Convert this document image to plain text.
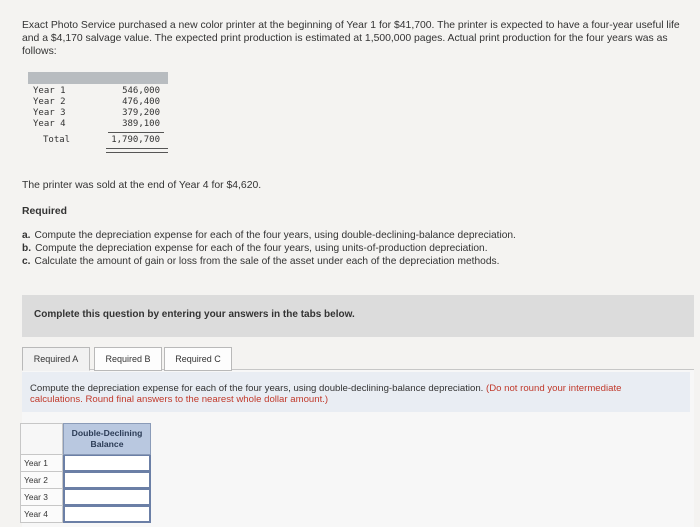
Exact Photo Service purchased a new color printer at the beginning of Year 1 for $41,700. The printer is expected to have a four-year useful life and a $4,170 salvage value. The expected print production is estimated at 1,500,000 pages. Actual print production for the four years was as follows:
Year 1	546,000
Year 2	476,400
Year 3	379,200
Year 4	389,100
Total	1,790,700
The printer was sold at the end of Year 4 for $4,620.
Required
a. Compute the depreciation expense for each of the four years, using double-declining-balance depreciation.
b. Compute the depreciation expense for each of the four years, using units-of-production depreciation.
c. Calculate the amount of gain or loss from the sale of the asset under each of the depreciation methods.
Complete this question by entering your answers in the tabs below.
Required A	Required B	Required C
Compute the depreciation expense for each of the four years, using double-declining-balance depreciation. (Do not round your intermediate calculations. Round final answers to the nearest whole dollar amount.)
Double-Declining
Balance
Year 1
Year 2
Year 3
Year 4
